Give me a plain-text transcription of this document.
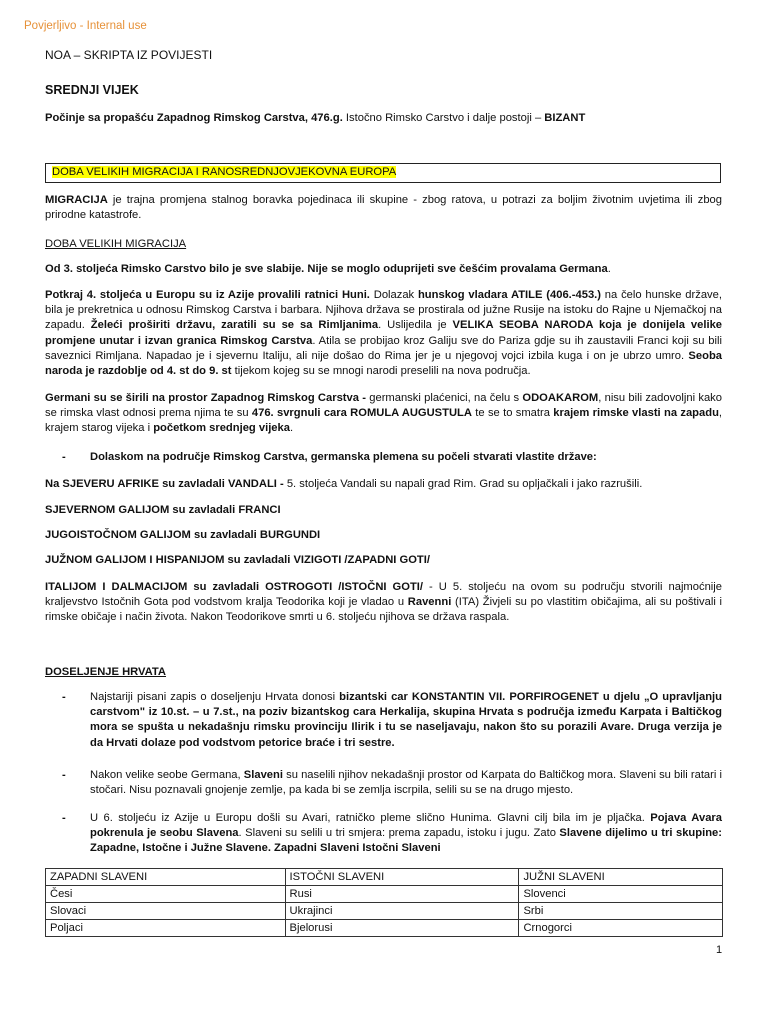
Povjerljivo - Internal use
NOA – SKRIPTA IZ POVIJESTI
SREDNJI VIJEK
Počinje sa propašću Zapadnog Rimskog Carstva, 476.g. Istočno Rimsko Carstvo i dalje postoji – BIZANT
DOBA VELIKIH MIGRACIJA I RANOSREDNJOVJEKOVNA EUROPA
MIGRACIJA je trajna promjena stalnog boravka pojedinaca ili skupine - zbog ratova, u potrazi za boljim životnim uvjetima ili zbog prirodne katastrofe.
DOBA VELIKIH MIGRACIJA
Od 3. stoljeća Rimsko Carstvo bilo je sve slabije. Nije se moglo oduprijeti sve češćim provalama Germana.
Potkraj 4. stoljeća u Europu su iz Azije provalili ratnici Huni. Dolazak hunskog vladara ATILE (406.-453.) na čelo hunske države, bila je prekretnica u odnosu Rimskog Carstva i barbara. Njihova država se prostirala od južne Rusije na istoku do Rajne u Njemačkoj na zapadu. Želeći proširiti državu, zaratili su se sa Rimljanima. Uslijedila je VELIKA SEOBA NARODA koja je donijela velike promjene unutar i izvan granica Rimskog Carstva. Atila se probijao kroz Galiju sve do Pariza gdje su ih zaustavili Franci koji su bili saveznici Rimljana. Napadao je i sjevernu Italiju, ali nije došao do Rima jer je u njegovoj vojci izbila kuga i on je ubrzo umro. Seoba naroda je razdoblje od 4. st do 9. st tijekom kojeg su se mnogi narodi preselili na nova područja.
Germani su se širili na prostor Zapadnog Rimskog Carstva - germanski plaćenici, na čelu s ODOAKAROM, nisu bili zadovoljni kako se rimska vlast odnosi prema njima te su 476. svrgnuli cara ROMULA AUGUSTULA te se to smatra krajem rimske vlasti na zapadu, krajem starog vijeka i početkom srednjeg vijeka.
- Dolaskom na područje Rimskog Carstva, germanska plemena su počeli stvarati vlastite države:
Na SJEVERU AFRIKE su zavladali VANDALI - 5. stoljeća Vandali su napali grad Rim. Grad su opljačkali i jako razrušili.
SJEVERNOM GALIJOM su zavladali FRANCI
JUGOISTOČNOM GALIJOM su zavladali BURGUNDI
JUŽNOM GALIJOM I HISPANIJOM su zavladali VIZIGOTI /ZAPADNI GOTI/
ITALIJOM I DALMACIJOM su zavladali OSTROGOTI /ISTOČNI GOTI/ - U 5. stoljeću na ovom su području stvorili najmoćnije kraljevstvo Istočnih Gota pod vodstvom kralja Teodorika koji je vladao u Ravenni (ITA) Živjeli su po vlastitim običajima, ali su poštivali i rimske običaje i način života. Nakon Teodorikove smrti u 6. stoljeću njihova se država raspala.
DOSELJENJE HRVATA
- Najstariji pisani zapis o doseljenju Hrvata donosi bizantski car KONSTANTIN VII. PORFIROGENET u djelu „O upravljanju carstvom" iz 10.st. – u 7.st., na poziv bizantskog cara Herkalija, skupina Hrvata s područja između Karpata i Baltičkog mora se spušta u nekadašnju rimsku provinciju Ilirik i tu se naseljavaju, nakon što su porazili Avare. Druga verzija je da Hrvati dolaze pod vodstvom petorice braće i tri sestre.
- Nakon velike seobe Germana, Slaveni su naselili njihov nekadašnji prostor od Karpata do Baltičkog mora. Slaveni su bili ratari i stočari. Nisu poznavali gnojenje zemlje, pa kada bi se zemlja iscrpila, selili su se na drugo mjesto.
- U 6. stoljeću iz Azije u Europu došli su Avari, ratničko pleme slično Hunima. Glavni cilj bila im je pljačka. Pojava Avara pokrenula je seobu Slavena. Slaveni su selili u tri smjera: prema zapadu, istoku i jugu. Zato Slavene dijelimo u tri skupine: Zapadne, Istočne i Južne Slavene. Zapadni Slaveni Istočni Slaveni
ZAPADNI SLAVENI	ISTOČNI SLAVENI	JUŽNI SLAVENI
Česi	Rusi	Slovenci
Slovaci	Ukrajinci	Srbi
Poljaci	Bjelorusi	Crnogorci
1
